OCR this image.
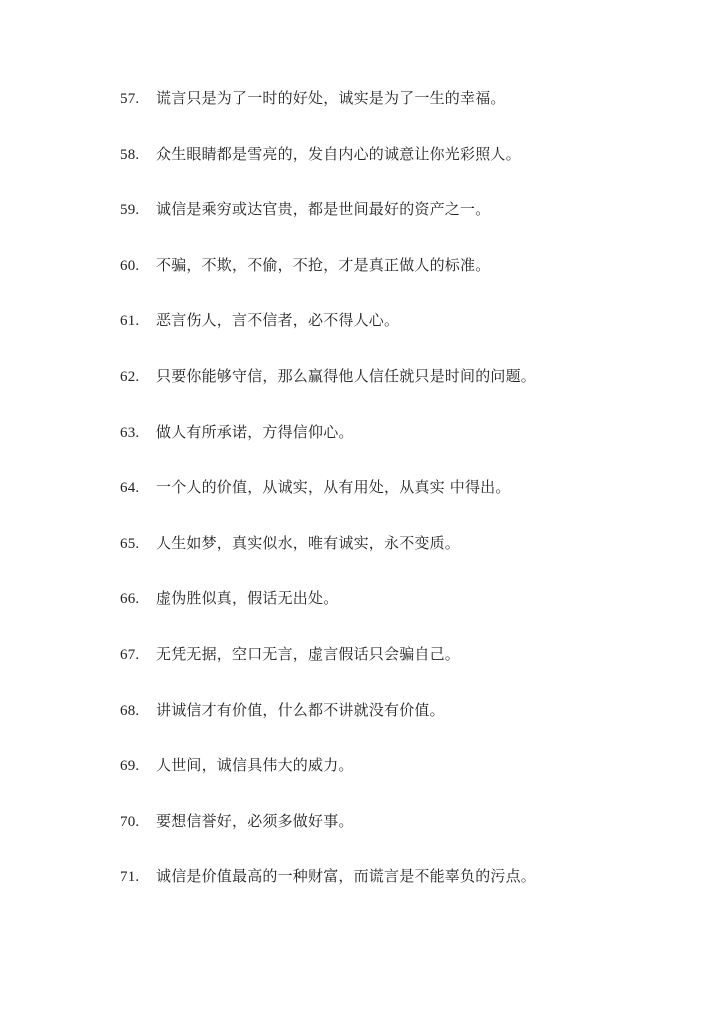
57. 谎言只是为了一时的好处，诚实是为了一生的幸福。
58. 众生眼睛都是雪亮的，发自内心的诚意让你光彩照人。
59. 诚信是乘穷或达官贵，都是世间最好的资产之一。
60. 不骗，不欺，不偷，不抢，才是真正做人的标准。
61. 恶言伤人，言不信者，必不得人心。
62. 只要你能够守信，那么赢得他人信任就只是时间的问题。
63. 做人有所承诺，方得信仰心。
64. 一个人的价值，从诚实，从有用处，从真实 中得出。
65. 人生如梦，真实似水，唯有诚实，永不变质。
66. 虚伪胜似真，假话无出处。
67. 无凭无据，空口无言，虚言假话只会骗自己。
68. 讲诚信才有价值，什么都不讲就没有价值。
69. 人世间，诚信具伟大的威力。
70. 要想信誉好，必须多做好事。
71. 诚信是价值最高的一种财富，而谎言是不能辜负的污点。
